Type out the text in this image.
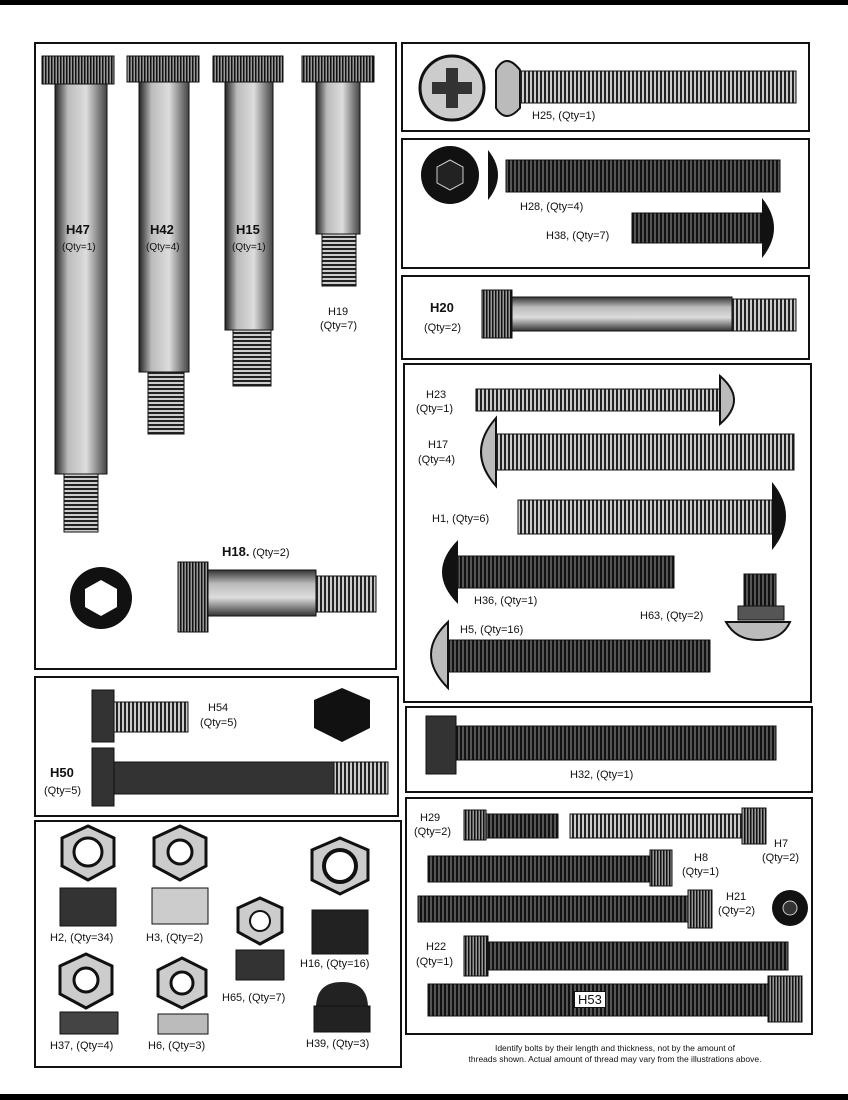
H47
(Qty=1)
H42
(Qty=4)
H15
(Qty=1)
H19
(Qty=7)
H18. (Qty=2)
H25, (Qty=1)
H28, (Qty=4)
H38, (Qty=7)
H20
(Qty=2)
H23
(Qty=1)
H17
(Qty=4)
H1, (Qty=6)
H36, (Qty=1)
H63, (Qty=2)
H5, (Qty=16)
H54
(Qty=5)
H50
(Qty=5)
H32, (Qty=1)
H29
(Qty=2)
H7
(Qty=2)
H8
(Qty=1)
H21
(Qty=2)
H22
(Qty=1)
H53
H2, (Qty=34)	H3, (Qty=2)
H65, (Qty=7)
H16, (Qty=16)
H37, (Qty=4)	H6, (Qty=3)	H39, (Qty=3)	Identify bolts by their length and thickness, not by the amount of
threads shown. Actual amount of thread may vary from the illustrations above.
